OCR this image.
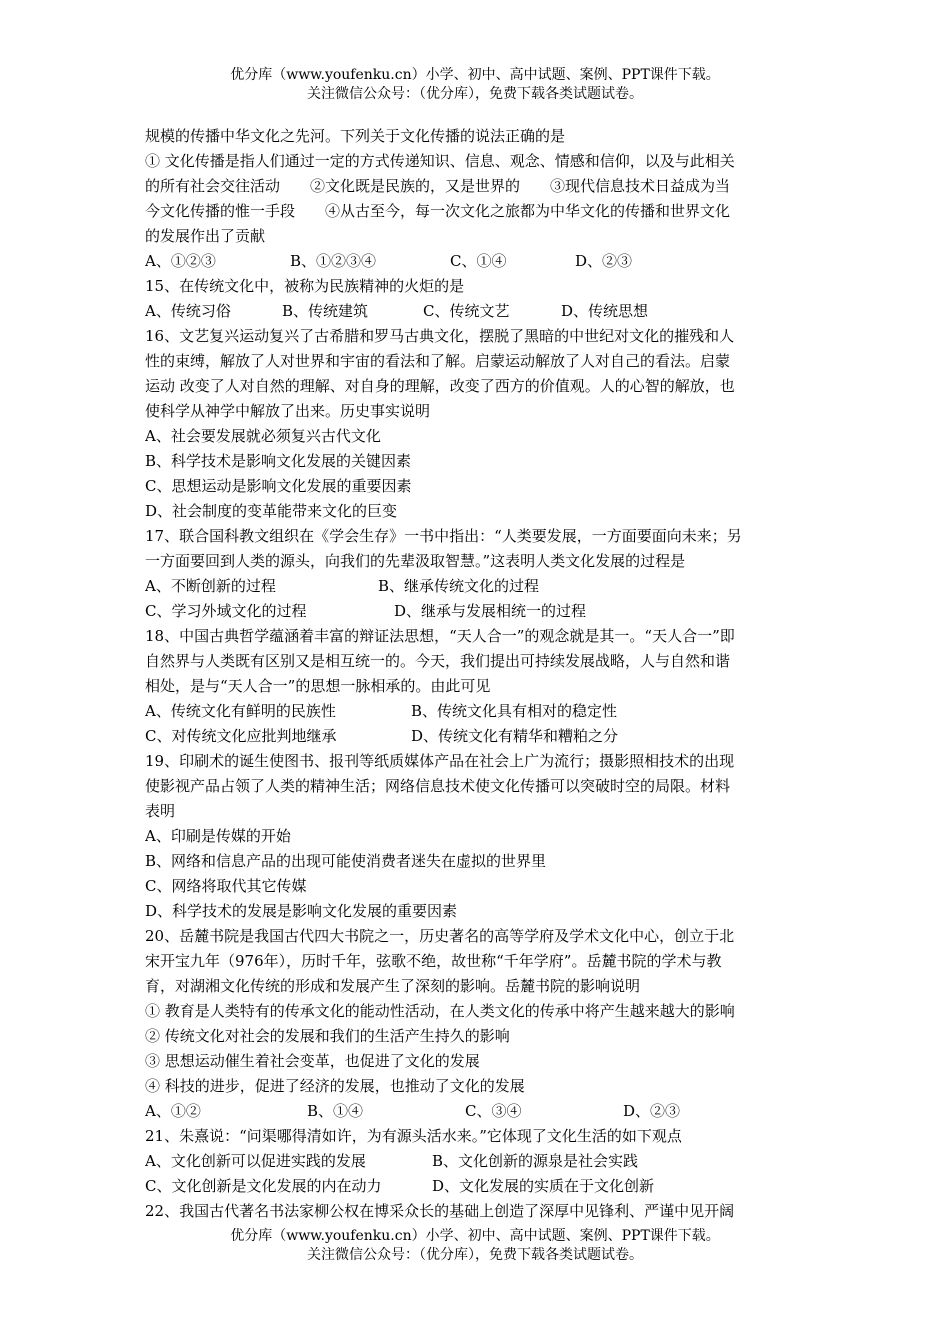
优分库（www.youfenku.cn）小学、初中、高中试题、案例、PPT课件下载。
关注微信公众号：（优分库），免费下载各类试题试卷。

规模的传播中华文化之先河。下列关于文化传播的说法正确的是

① 文化传播是指人们通过一定的方式传递知识、信息、观念、情感和信仰，以及与此相关

的所有社会交往活动　　②文化既是民族的，又是世界的　　③现代信息技术日益成为当

今文化传播的惟一手段　　④从古至今，每一次文化之旅都为中华文化的传播和世界文化

的发展作出了贡献

A、①②③	B、①②③④	C、①④	D、②③

15、在传统文化中，被称为民族精神的火炬的是

A、传统习俗	B、传统建筑	C、传统文艺	D、传统思想

16、文艺复兴运动复兴了古希腊和罗马古典文化，摆脱了黑暗的中世纪对文化的摧残和人

性的束缚，解放了人对世界和宇宙的看法和了解。启蒙运动解放了人对自己的看法。启蒙

运动 改变了人对自然的理解、对自身的理解，改变了西方的价值观。人的心智的解放，也

使科学从神学中解放了出来。历史事实说明

A、社会要发展就必须复兴古代文化

B、科学技术是影响文化发展的关键因素

C、思想运动是影响文化发展的重要因素

D、社会制度的变革能带来文化的巨变

17、联合国科教文组织在《学会生存》一书中指出：“人类要发展，一方面要面向未来；另

一方面要回到人类的源头，向我们的先辈汲取智慧。”这表明人类文化发展的过程是

A、不断创新的过程	B、继承传统文化的过程

C、学习外域文化的过程	D、继承与发展相统一的过程

18、中国古典哲学蕴涵着丰富的辩证法思想，“天人合一”的观念就是其一。“天人合一”即

自然界与人类既有区别又是相互统一的。今天，我们提出可持续发展战略，人与自然和谐

相处，是与“天人合一”的思想一脉相承的。由此可见

A、传统文化有鲜明的民族性	B、传统文化具有相对的稳定性

C、对传统文化应批判地继承	D、传统文化有精华和糟粕之分

19、印刷术的诞生使图书、报刊等纸质媒体产品在社会上广为流行；摄影照相技术的出现

使影视产品占领了人类的精神生活；网络信息技术使文化传播可以突破时空的局限。材料

表明

A、印刷是传媒的开始

B、网络和信息产品的出现可能使消费者迷失在虚拟的世界里

C、网络将取代其它传媒

D、科学技术的发展是影响文化发展的重要因素

20、岳麓书院是我国古代四大书院之一，历史著名的高等学府及学术文化中心，创立于北

宋开宝九年（976年），历时千年，弦歌不绝，故世称“千年学府”。岳麓书院的学术与教

育，对湖湘文化传统的形成和发展产生了深刻的影响。岳麓书院的影响说明

① 教育是人类特有的传承文化的能动性活动，在人类文化的传承中将产生越来越大的影响

② 传统文化对社会的发展和我们的生活产生持久的影响

③ 思想运动催生着社会变革，也促进了文化的发展

④ 科技的进步，促进了经济的发展，也推动了文化的发展

A、①②	B、①④	C、③④	D、②③

21、朱熹说：“问渠哪得清如许，为有源头活水来。”它体现了文化生活的如下观点

A、文化创新可以促进实践的发展	B、文化创新的源泉是社会实践

C、文化创新是文化发展的内在动力	D、文化发展的实质在于文化创新

22、我国古代著名书法家柳公权在博采众长的基础上创造了深厚中见锋利、严谨中见开阔

优分库（www.youfenku.cn）小学、初中、高中试题、案例、PPT课件下载。
关注微信公众号：（优分库），免费下载各类试题试卷。
